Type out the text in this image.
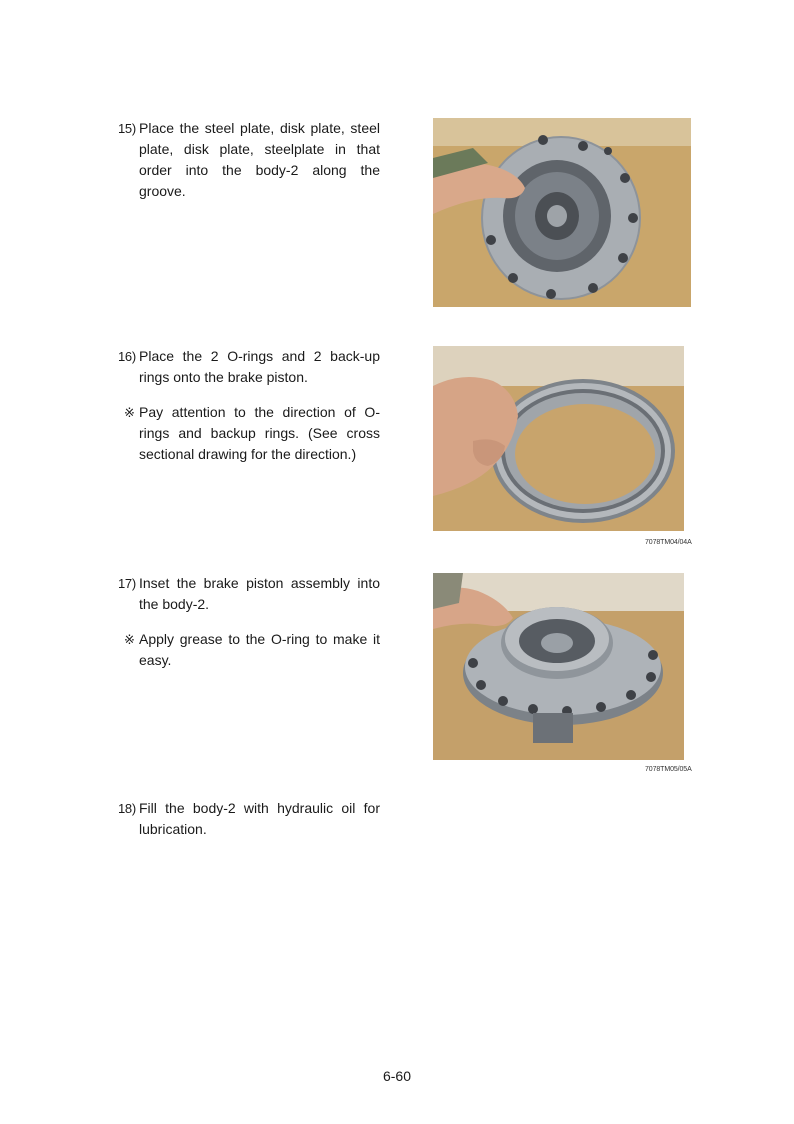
15) Place the steel plate, disk plate, steel plate, disk plate, steelplate in that order into the body-2 along the groove.
16) Place the 2 O-rings and 2 back-up rings onto the brake piston.
※ Pay attention to the direction of O-rings and backup rings. (See cross sectional drawing for the direction.)
7078TM04/04A
17) Inset the brake piston assembly into the body-2.
※ Apply grease to the O-ring to make it easy.
7078TM05/05A
18) Fill the body-2 with hydraulic oil for lubrication.
6-60
